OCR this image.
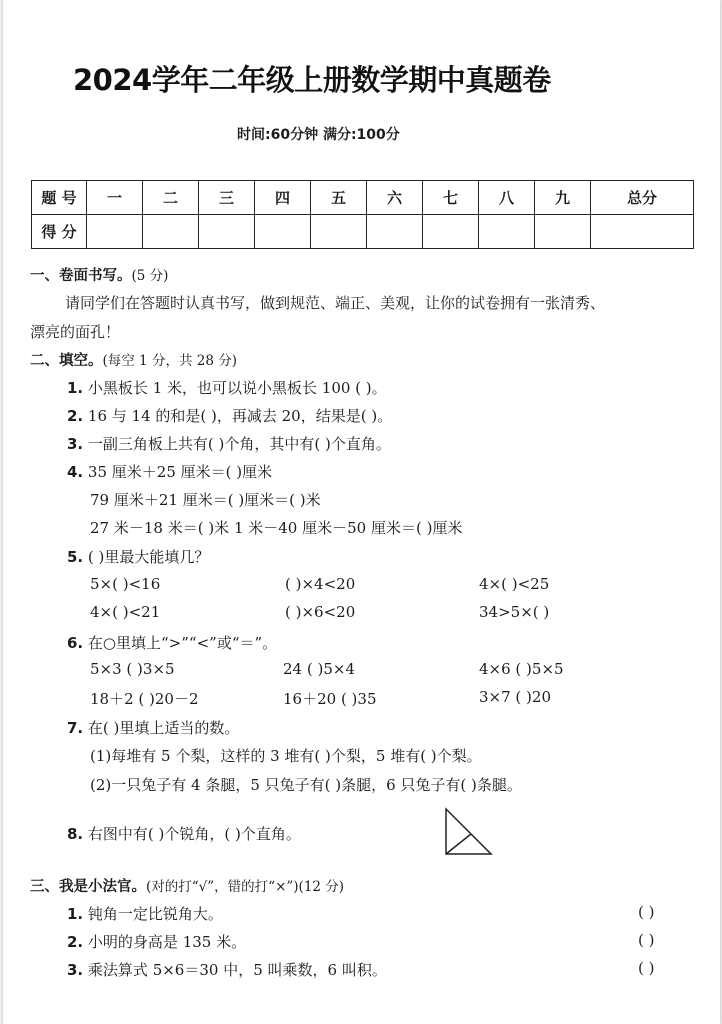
2024学年二年级上册数学期中真题卷
时间:60分钟 满分:100分
题 号	一	二	三	四	五	六	七	八	九	总分
得 分										
一、卷面书写。(5 分)
请同学们在答题时认真书写，做到规范、端正、美观，让你的试卷拥有一张清秀、
漂亮的面孔！
二、填空。(每空 1 分，共 28 分)
1. 小黑板长 1 米，也可以说小黑板长 100 ( )。
2. 16 与 14 的和是( )，再减去 20，结果是( )。
3. 一副三角板上共有( )个角，其中有( )个直角。
4. 35 厘米＋25 厘米＝( )厘米
79 厘米＋21 厘米＝( )厘米＝( )米
27 米－18 米＝( )米 1 米－40 厘米－50 厘米＝( )厘米
5. ( )里最大能填几？
5×( )<16	( )×4<20	4×( )<25
4×( )<21	( )×6<20	34>5×( )
6. 在○里填上“>”“<”或“＝”。
5×3 ( )3×5	24 ( )5×4	4×6 ( )5×5
18＋2 ( )20－2	16＋20 ( )35	3×7 ( )20
7. 在( )里填上适当的数。
(1)每堆有 5 个梨，这样的 3 堆有( )个梨，5 堆有( )个梨。
(2)一只兔子有 4 条腿，5 只兔子有( )条腿，6 只兔子有( )条腿。
8. 右图中有( )个锐角，( )个直角。
三、我是小法官。(对的打“√”，错的打“×”)(12 分)
1. 钝角一定比锐角大。	( )
2. 小明的身高是 135 米。	( )
3. 乘法算式 5×6＝30 中，5 叫乘数，6 叫积。	( )
